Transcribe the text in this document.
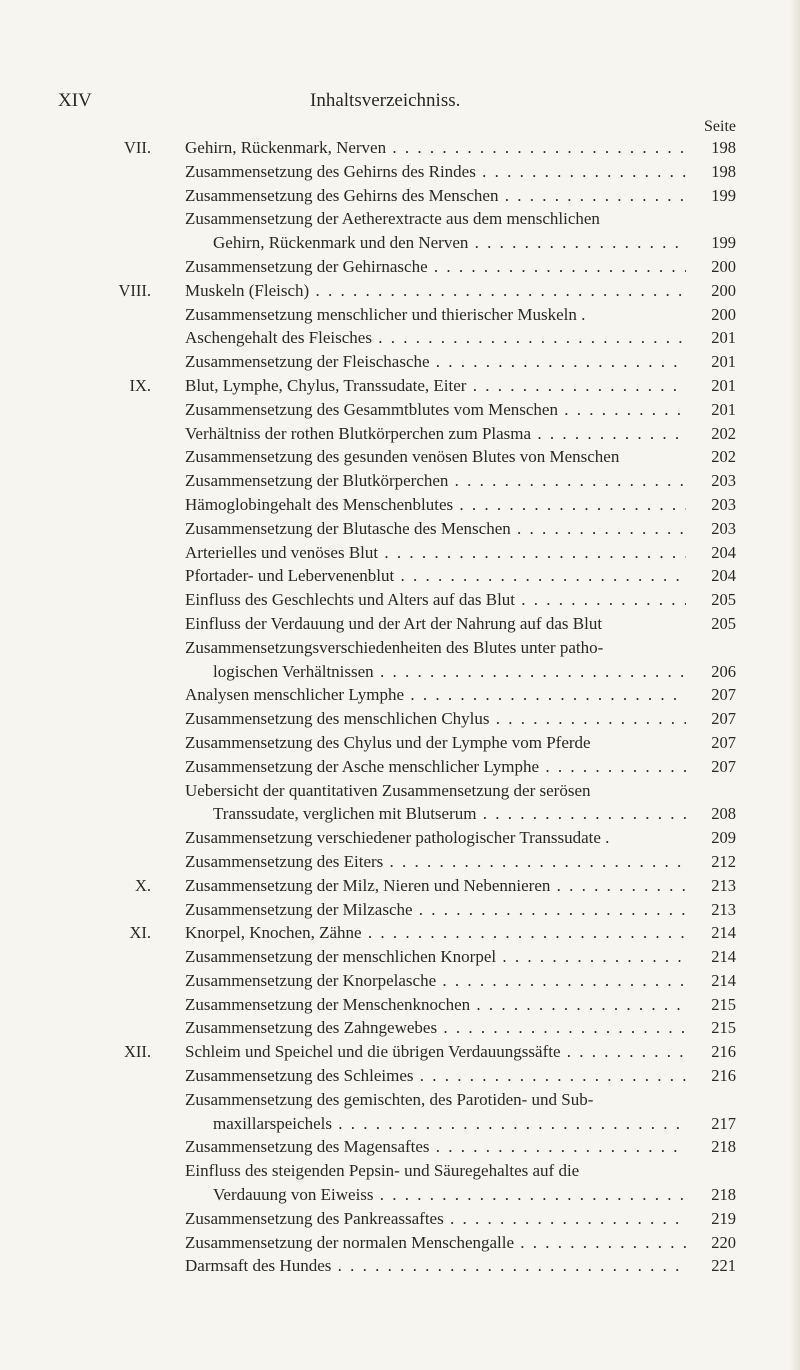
XIV	Inhaltsverzeichniss.
Seite
VII. Gehirn, Rückenmark, Nerven . . .	198
Zusammensetzung des Gehirns des Rindes . . .	198
Zusammensetzung des Gehirns des Menschen . . .	199
Zusammensetzung der Aetherextracte aus dem menschlichen
Gehirn, Rückenmark und den Nerven . . .	199
Zusammensetzung der Gehirnasche . . .	200
VIII. Muskeln (Fleisch) . . .	200
Zusammensetzung menschlicher und thierischer Muskeln .	200
Aschengehalt des Fleisches . . .	201
Zusammensetzung der Fleischasche . . .	201
IX. Blut, Lymphe, Chylus, Transsudate, Eiter . . .	201
Zusammensetzung des Gesammtblutes vom Menschen . . .	201
Verhältniss der rothen Blutkörperchen zum Plasma . . .	202
Zusammensetzung des gesunden venösen Blutes von Menschen	202
Zusammensetzung der Blutkörperchen . . .	203
Hämoglobingehalt des Menschenblutes . . .	203
Zusammensetzung der Blutasche des Menschen . . .	203
Arterielles und venöses Blut . . .	204
Pfortader- und Lebervenenblut . . .	204
Einfluss des Geschlechts und Alters auf das Blut . . .	205
Einfluss der Verdauung und der Art der Nahrung auf das Blut	205
Zusammensetzungsverschiedenheiten des Blutes unter patho-
logischen Verhältnissen . . .	206
Analysen menschlicher Lymphe . . .	207
Zusammensetzung des menschlichen Chylus . . .	207
Zusammensetzung des Chylus und der Lymphe vom Pferde	207
Zusammensetzung der Asche menschlicher Lymphe . . .	207
Uebersicht der quantitativen Zusammensetzung der serösen
Transsudate, verglichen mit Blutserum . . .	208
Zusammensetzung verschiedener pathologischer Transsudate .	209
Zusammensetzung des Eiters . . .	212
X. Zusammensetzung der Milz, Nieren und Nebennieren . . .	213
Zusammensetzung der Milzasche . . .	213
XI. Knorpel, Knochen, Zähne . . .	214
Zusammensetzung der menschlichen Knorpel . . .	214
Zusammensetzung der Knorpelasche . . .	214
Zusammensetzung der Menschenknochen . . .	215
Zusammensetzung des Zahngewebes . . .	215
XII. Schleim und Speichel und die übrigen Verdauungssäfte . . .	216
Zusammensetzung des Schleimes . . .	216
Zusammensetzung des gemischten, des Parotiden- und Sub-
maxillarspeichels . . .	217
Zusammensetzung des Magensaftes . . .	218
Einfluss des steigenden Pepsin- und Säuregehaltes auf die
Verdauung von Eiweiss . . .	218
Zusammensetzung des Pankreassaftes . . .	219
Zusammensetzung der normalen Menschengalle . . .	220
Darmsaft des Hundes . . .	221
